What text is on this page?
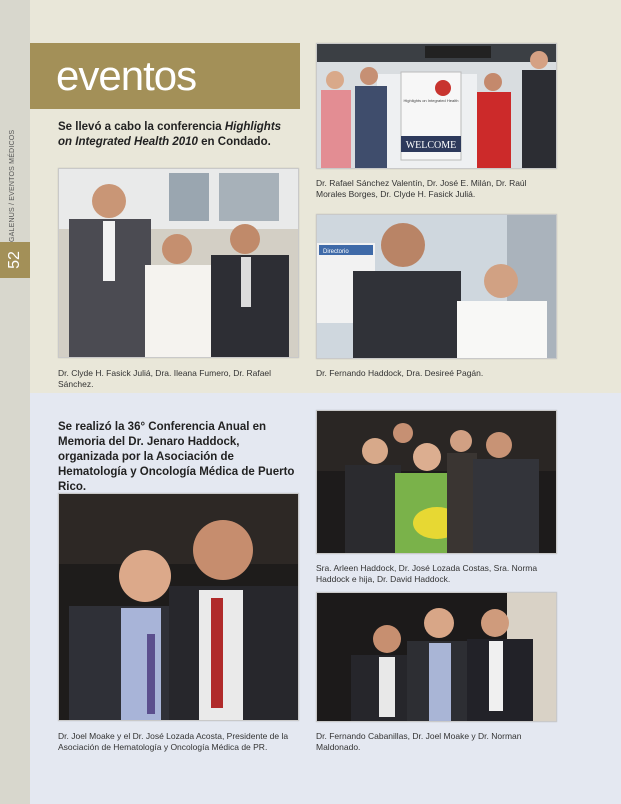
GALENUS / EVENTOS MÉDICOS
52
eventos
Se llevó a cabo la conferencia Highlights on Integrated Health 2010 en Condado.	WELCOME
Highlights on Integrated Health
Dr. Rafael Sánchez Valentín, Dr. José E. Milán, Dr. Raúl Morales Borges, Dr. Clyde H. Fasick Juliá.
Dr. Clyde H. Fasick Juliá, Dra. Ileana Fumero, Dr. Rafael Sánchez.
Directorio
Dr. Fernando Haddock, Dra. Desireé Pagán.
Se realizó la 36° Conferencia Anual en Memoria del Dr. Jenaro Haddock, organizada por la Asociación de Hematología y Oncología Médica de Puerto Rico.
Sra. Arleen Haddock, Dr. José Lozada Costas, Sra. Norma Haddock e hija, Dr. David Haddock.
Dr. Joel Moake y el Dr. José Lozada Acosta, Presidente de la Asociación de Hematología y Oncología Médica de PR.
Dr. Fernando Cabanillas, Dr. Joel Moake y Dr. Norman Maldonado.
